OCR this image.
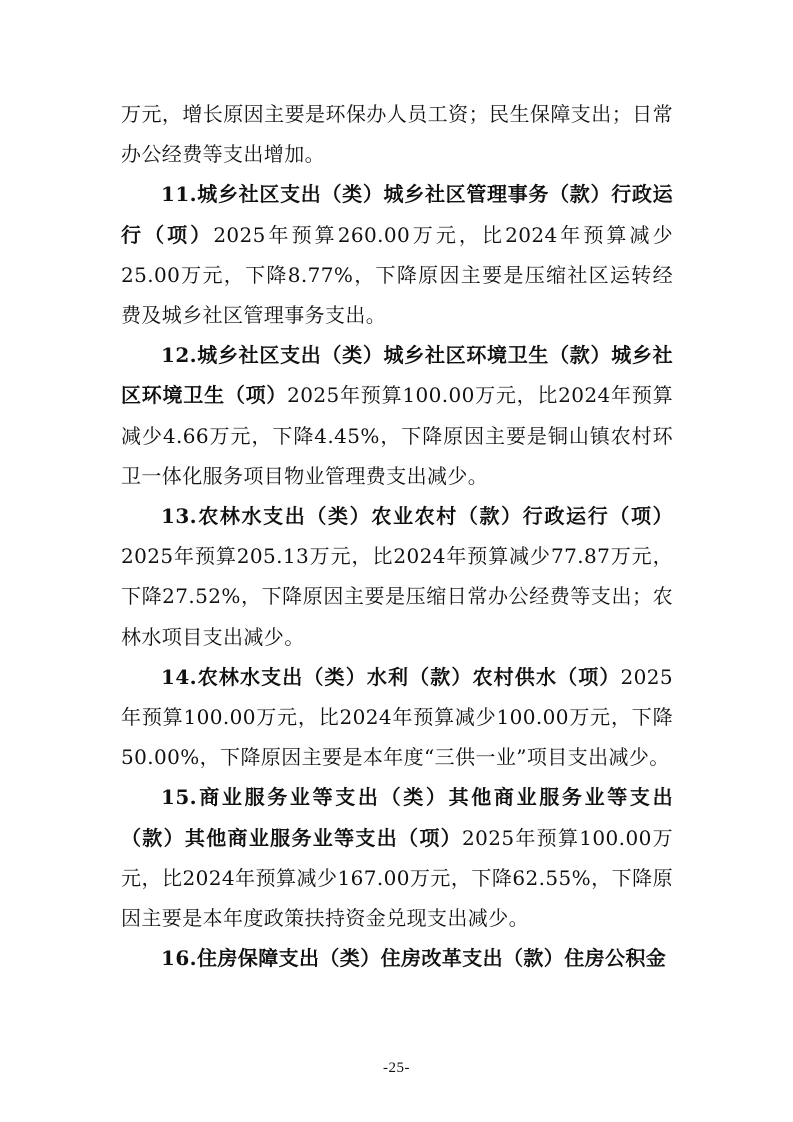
万元，增长原因主要是环保办人员工资；民生保障支出；日常办公经费等支出增加。

11.城乡社区支出（类）城乡社区管理事务（款）行政运行（项）2025年预算260.00万元，比2024年预算减少25.00万元，下降8.77%，下降原因主要是压缩社区运转经费及城乡社区管理事务支出。

12.城乡社区支出（类）城乡社区环境卫生（款）城乡社区环境卫生（项）2025年预算100.00万元，比2024年预算减少4.66万元，下降4.45%，下降原因主要是铜山镇农村环卫一体化服务项目物业管理费支出减少。

13.农林水支出（类）农业农村（款）行政运行（项）2025年预算205.13万元，比2024年预算减少77.87万元，下降27.52%，下降原因主要是压缩日常办公经费等支出；农林水项目支出减少。

14.农林水支出（类）水利（款）农村供水（项）2025年预算100.00万元，比2024年预算减少100.00万元，下降50.00%，下降原因主要是本年度“三供一业”项目支出减少。

15.商业服务业等支出（类）其他商业服务业等支出（款）其他商业服务业等支出（项）2025年预算100.00万元，比2024年预算减少167.00万元，下降62.55%，下降原因主要是本年度政策扶持资金兑现支出减少。

16.住房保障支出（类）住房改革支出（款）住房公积金

-25-
